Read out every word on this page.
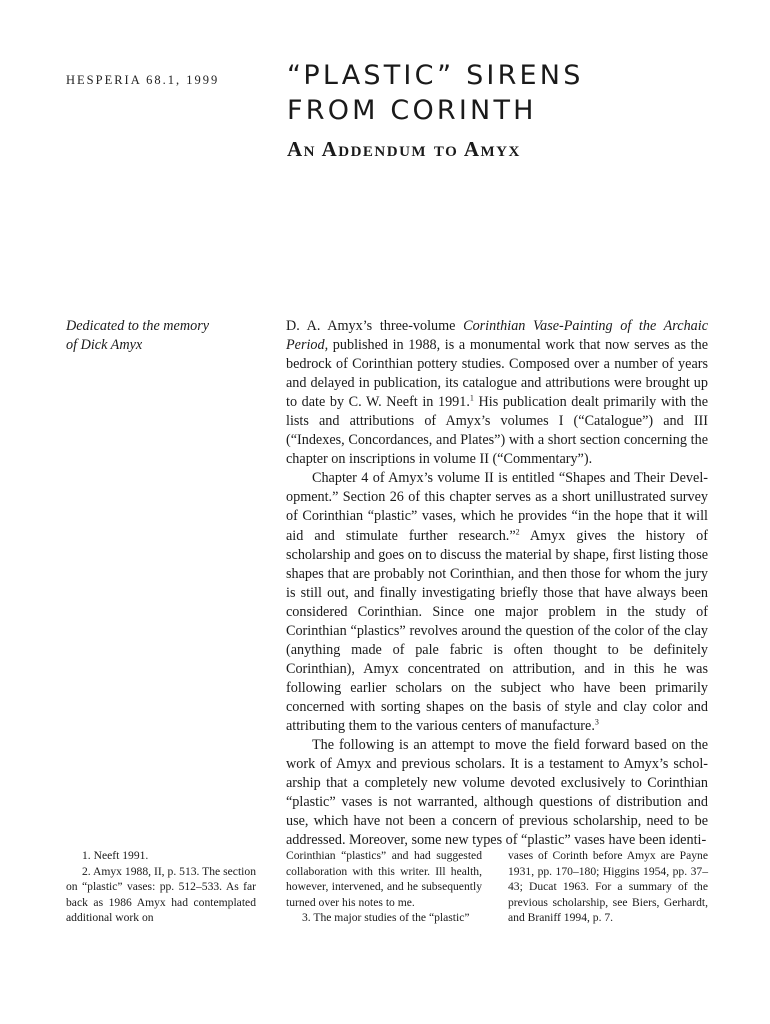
HESPERIA 68.1, 1999	“PLASTIC” SIRENS
FROM CORINTH
An Addendum to Amyx
Dedicated to the memory
of Dick Amyx

D. A. Amyx’s three-volume Corinthian Vase-Painting of the Archaic Period, published in 1988, is a monumental work that now serves as the bedrock of Corinthian pottery studies. Composed over a number of years and delayed in publication, its catalogue and attributions were brought up to date by C. W. Neeft in 1991.$^1$ His publication dealt primarily with the lists and attributions of Amyx’s volumes I (“Catalogue”) and III (“Indexes, Concordances, and Plates”) with a short section concerning the chapter on inscriptions in volume II (“Commentary”).

Chapter 4 of Amyx’s volume II is entitled “Shapes and Their Development.” Section 26 of this chapter serves as a short unillustrated survey of Corinthian “plastic” vases, which he provides “in the hope that it will aid and stimulate further research.”$^2$ Amyx gives the history of scholarship and goes on to discuss the material by shape, first listing those shapes that are probably not Corinthian, and then those for whom the jury is still out, and finally investigating briefly those that have always been considered Corinthian. Since one major problem in the study of Corinthian “plastics” revolves around the question of the color of the clay (anything made of pale fabric is often thought to be definitely Corinthian), Amyx concentrated on attribution, and in this he was following earlier scholars on the subject who have been primarily concerned with sorting shapes on the basis of style and clay color and attributing them to the various centers of manufacture.$^3$

The following is an attempt to move the field forward based on the work of Amyx and previous scholars. It is a testament to Amyx’s scholarship that a completely new volume devoted exclusively to Corinthian “plastic” vases is not warranted, although questions of distribution and use, which have not been a concern of previous scholarship, need to be addressed. Moreover, some new types of “plastic” vases have been identi-

1. Neeft 1991.

2. Amyx 1988, II, p. 513. The section on “plastic” vases: pp. 512–533. As far back as 1986 Amyx had contemplated additional work on

Corinthian “plastics” and had suggested collaboration with this writer. Ill health, however, intervened, and he subsequently turned over his notes to me.

3. The major studies of the “plastic”

vases of Corinth before Amyx are Payne 1931, pp. 170–180; Higgins 1954, pp. 37–43; Ducat 1963. For a summary of the previous scholarship, see Biers, Gerhardt, and Braniff 1994, p. 7.
